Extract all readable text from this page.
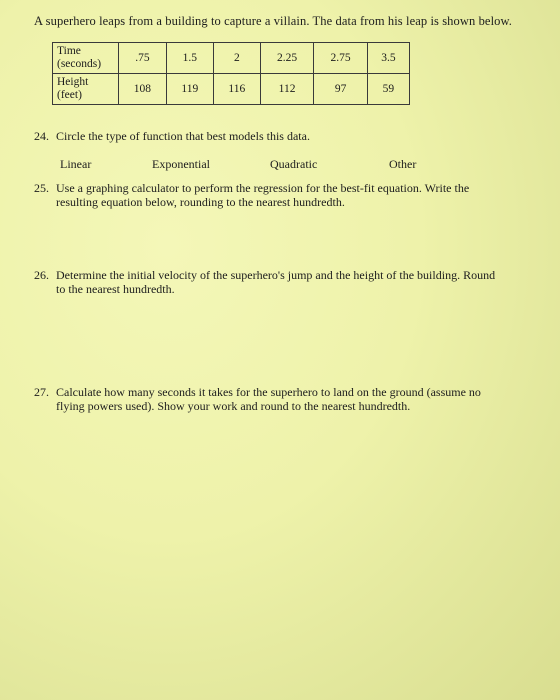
A superhero leaps from a building to capture a villain. The data from his leap is shown below.
Time
(seconds)	.75	1.5	2	2.25	2.75	3.5

Height
(feet)	108	119	116	112	97	59
24. Circle the type of function that best models this data.
Linear	Exponential	Quadratic	Other
25. Use a graphing calculator to perform the regression for the best-fit equation. Write the
resulting equation below, rounding to the nearest hundredth.
26. Determine the initial velocity of the superhero's jump and the height of the building. Round
to the nearest hundredth.
27. Calculate how many seconds it takes for the superhero to land on the ground (assume no
flying powers used). Show your work and round to the nearest hundredth.
